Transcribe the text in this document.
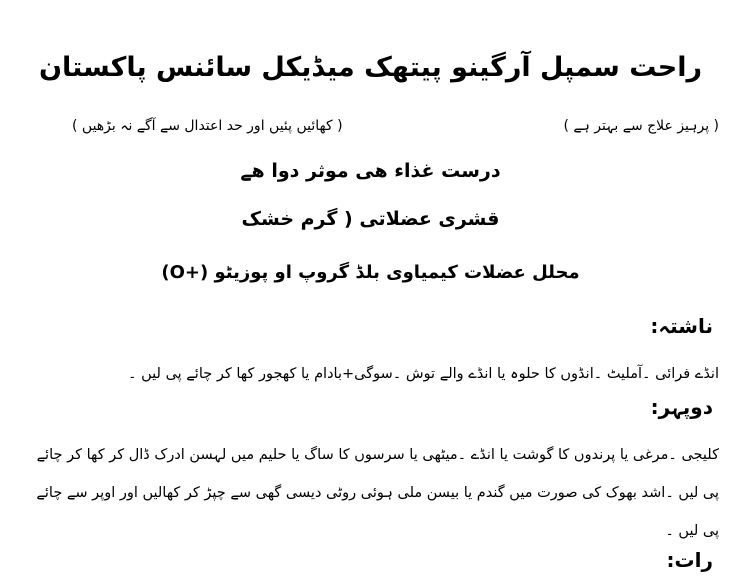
راحت سمپل آرگینو پیتھک میڈیکل سائنس پاکستان
( پرہیز علاج سے بہتر ہے )
( کھائیں پئیں اور حد اعتدال سے آگے نہ بڑھیں )
درست غذاء ھی موثر دوا ھے
قشری عضلاتی ( گرم خشک
محلل عضلات کیمیاوی بلڈ گروپ او پوزیٹو (+O)
ناشتہ:
انڈے فرائی ۔آملیٹ ۔انڈوں کا حلوہ یا انڈے والے توش ۔سوگی+بادام یا کھجور کھا کر چائے پی لیں ۔
دوپہر:
کلیجی ۔مرغی یا پرندوں کا گوشت یا انڈے ۔میٹھی یا سرسوں کا ساگ یا حلیم میں لہسن ادرک ڈال کر کھا کر چائے پی لیں ۔اشد بھوک کی صورت میں گندم یا بیسن ملی ہوئی روٹی دیسی گھی سے چپڑ کر کھالیں اور اوپر سے چائے پی لیں ۔
رات:
